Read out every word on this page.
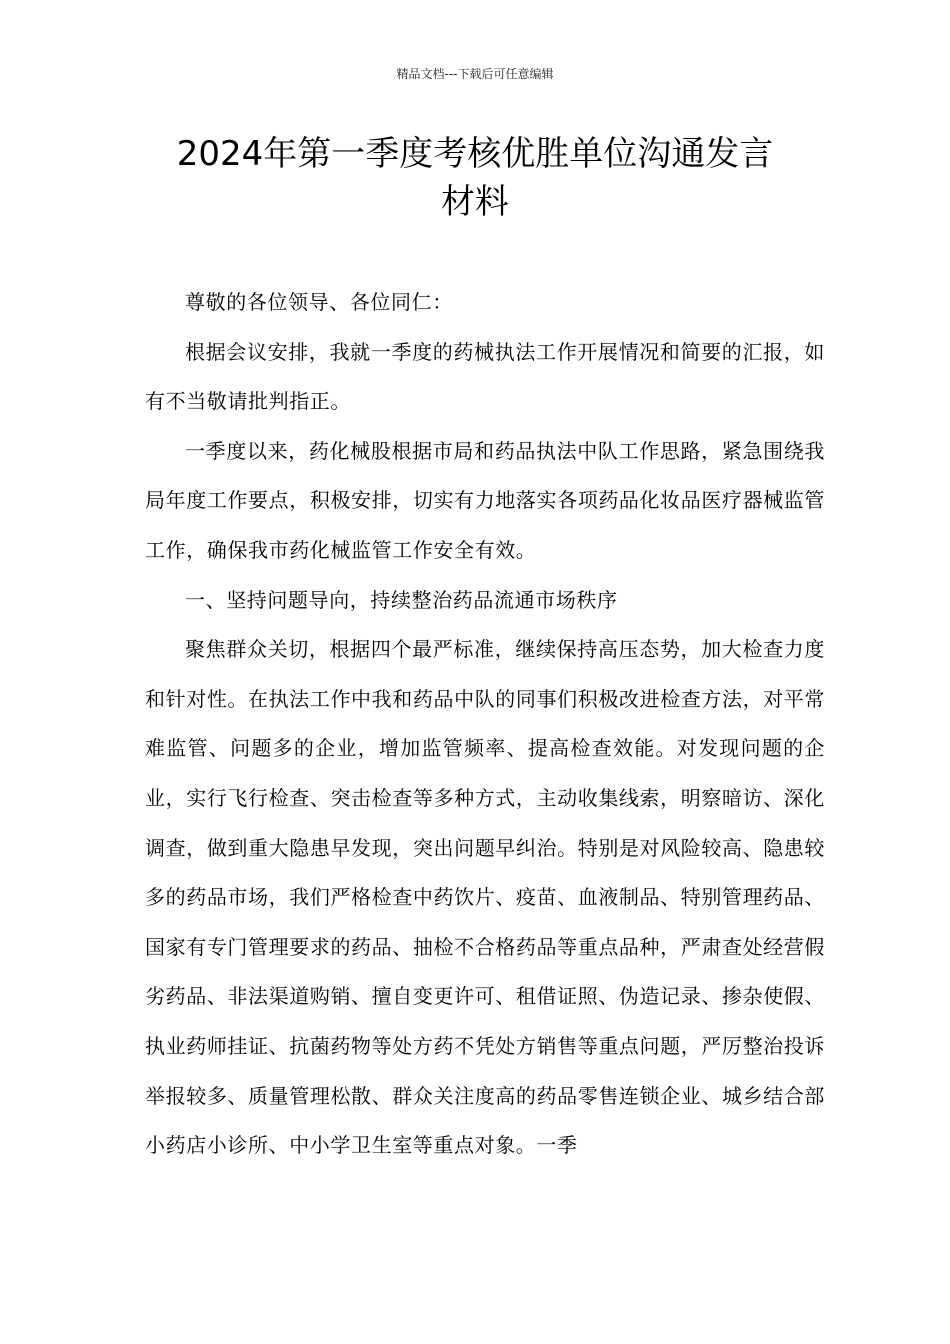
精品文档---下载后可任意编辑
2024年第一季度考核优胜单位沟通发言
材料

尊敬的各位领导、各位同仁：

根据会议安排，我就一季度的药械执法工作开展情况和简要的汇报，如有不当敬请批判指正。

一季度以来，药化械股根据市局和药品执法中队工作思路，紧急围绕我局年度工作要点，积极安排，切实有力地落实各项药品化妆品医疗器械监管工作，确保我市药化械监管工作安全有效。

一、坚持问题导向，持续整治药品流通市场秩序

聚焦群众关切，根据四个最严标准，继续保持高压态势，加大检查力度和针对性。在执法工作中我和药品中队的同事们积极改进检查方法，对平常难监管、问题多的企业，增加监管频率、提高检查效能。对发现问题的企业，实行飞行检查、突击检查等多种方式，主动收集线索，明察暗访、深化调查，做到重大隐患早发现，突出问题早纠治。特别是对风险较高、隐患较多的药品市场，我们严格检查中药饮片、疫苗、血液制品、特别管理药品、国家有专门管理要求的药品、抽检不合格药品等重点品种，严肃查处经营假劣药品、非法渠道购销、擅自变更许可、租借证照、伪造记录、掺杂使假、执业药师挂证、抗菌药物等处方药不凭处方销售等重点问题，严厉整治投诉举报较多、质量管理松散、群众关注度高的药品零售连锁企业、城乡结合部小药店小诊所、中小学卫生室等重点对象。一季
